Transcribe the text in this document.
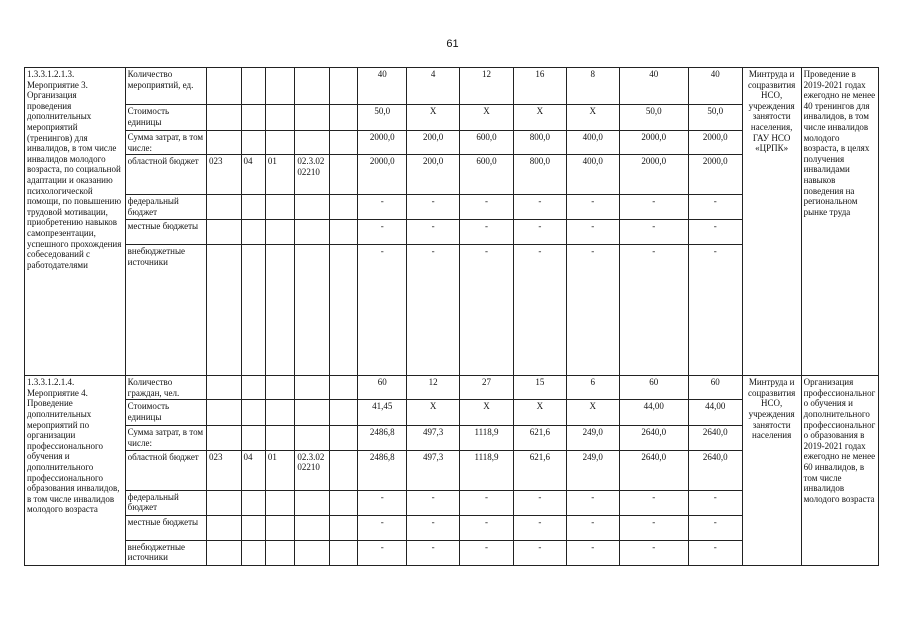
61
1.3.3.1.2.1.3. Мероприятие 3. Организация проведения дополнительных мероприятий (тренингов) для инвалидов, в том числе инвалидов молодого возраста, по социальной адаптации и оказанию психологической помощи, по повышению трудовой мотивации, приобретению навыков самопрезентации, успешного прохождения собеседований с работодателями	Количество мероприятий, ед.						40	4	12	16	8	40	40	Минтруда и соцразвития НСО, учреждения занятости населения, ГАУ НСО «ЦРПК»	Проведение в 2019-2021 годах ежегодно не менее 40 тренингов для инвалидов, в том числе инвалидов молодого возраста, в целях получения инвалидами навыков поведения на региональном рынке труда
	Стоимость единицы						50,0	Х	Х	Х	Х	50,0	50,0		
	Сумма затрат, в том числе:						2000,0	200,0	600,0	800,0	400,0	2000,0	2000,0		
	областной бюджет	023	04	01	02.3.0202210		2000,0	200,0	600,0	800,0	400,0	2000,0	2000,0		
	федеральный бюджет						-	-	-	-	-	-	-		
	местные бюджеты						-	-	-	-	-	-	-		
	внебюджетные источники						-	-	-	-	-	-	-		
1.3.3.1.2.1.4. Мероприятие 4. Проведение дополнительных мероприятий по организации профессионального обучения и дополнительного профессионального образования инвалидов, в том числе инвалидов молодого возраста	Количество граждан, чел.						60	12	27	15	6	60	60	Минтруда и соцразвития НСО, учреждения занятости населения	Организация профессионального обучения и дополнительного профессионального образования в 2019-2021 годах ежегодно не менее 60 инвалидов, в том числе инвалидов молодого возраста
	Стоимость единицы						41,45	Х	Х	Х	Х	44,00	44,00		
	Сумма затрат, в том числе:						2486,8	497,3	1118,9	621,6	249,0	2640,0	2640,0		
	областной бюджет	023	04	01	02.3.0202210		2486,8	497,3	1118,9	621,6	249,0	2640,0	2640,0		
	федеральный бюджет						-	-	-	-	-	-	-		
	местные бюджеты						-	-	-	-	-	-	-		
	внебюджетные источники						-	-	-	-	-	-	-		
